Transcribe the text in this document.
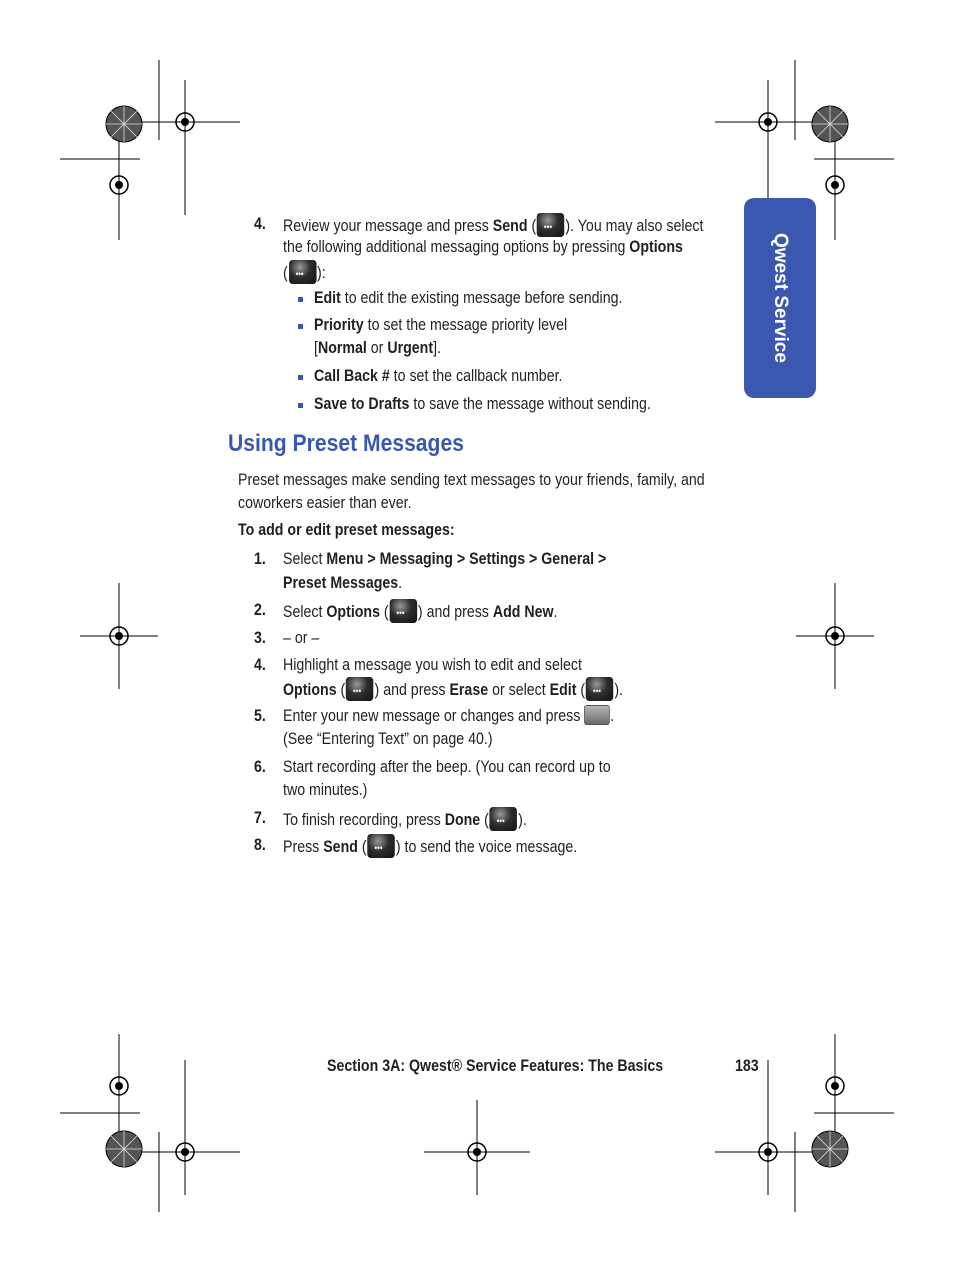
Qwest Service
4. Review your message and press Send ( ••• ). You may also select
the following additional messaging options by pressing Options
( ••• ):
Edit to edit the existing message before sending.
Priority to set the message priority level
[Normal or Urgent].
Call Back # to set the callback number.
Save to Drafts to save the message without sending.
Using Preset Messages
Preset messages make sending text messages to your friends, family, and
coworkers easier than ever.
To add or edit preset messages:
1. Select Menu > Messaging > Settings > General >
Preset Messages.
2. Select Options ( ••• ) and press Add New.
3. – or –
4. Highlight a message you wish to edit and select
Options ( ••• ) and press Erase or select Edit ( ••• ).
5. Enter your new message or changes and press .
(See “Entering Text” on page 40.)
6. Start recording after the beep. (You can record up to
two minutes.)
7. To finish recording, press Done ( ••• ).
8. Press Send ( ••• ) to send the voice message.
Section 3A: Qwest® Service Features: The Basics	183
